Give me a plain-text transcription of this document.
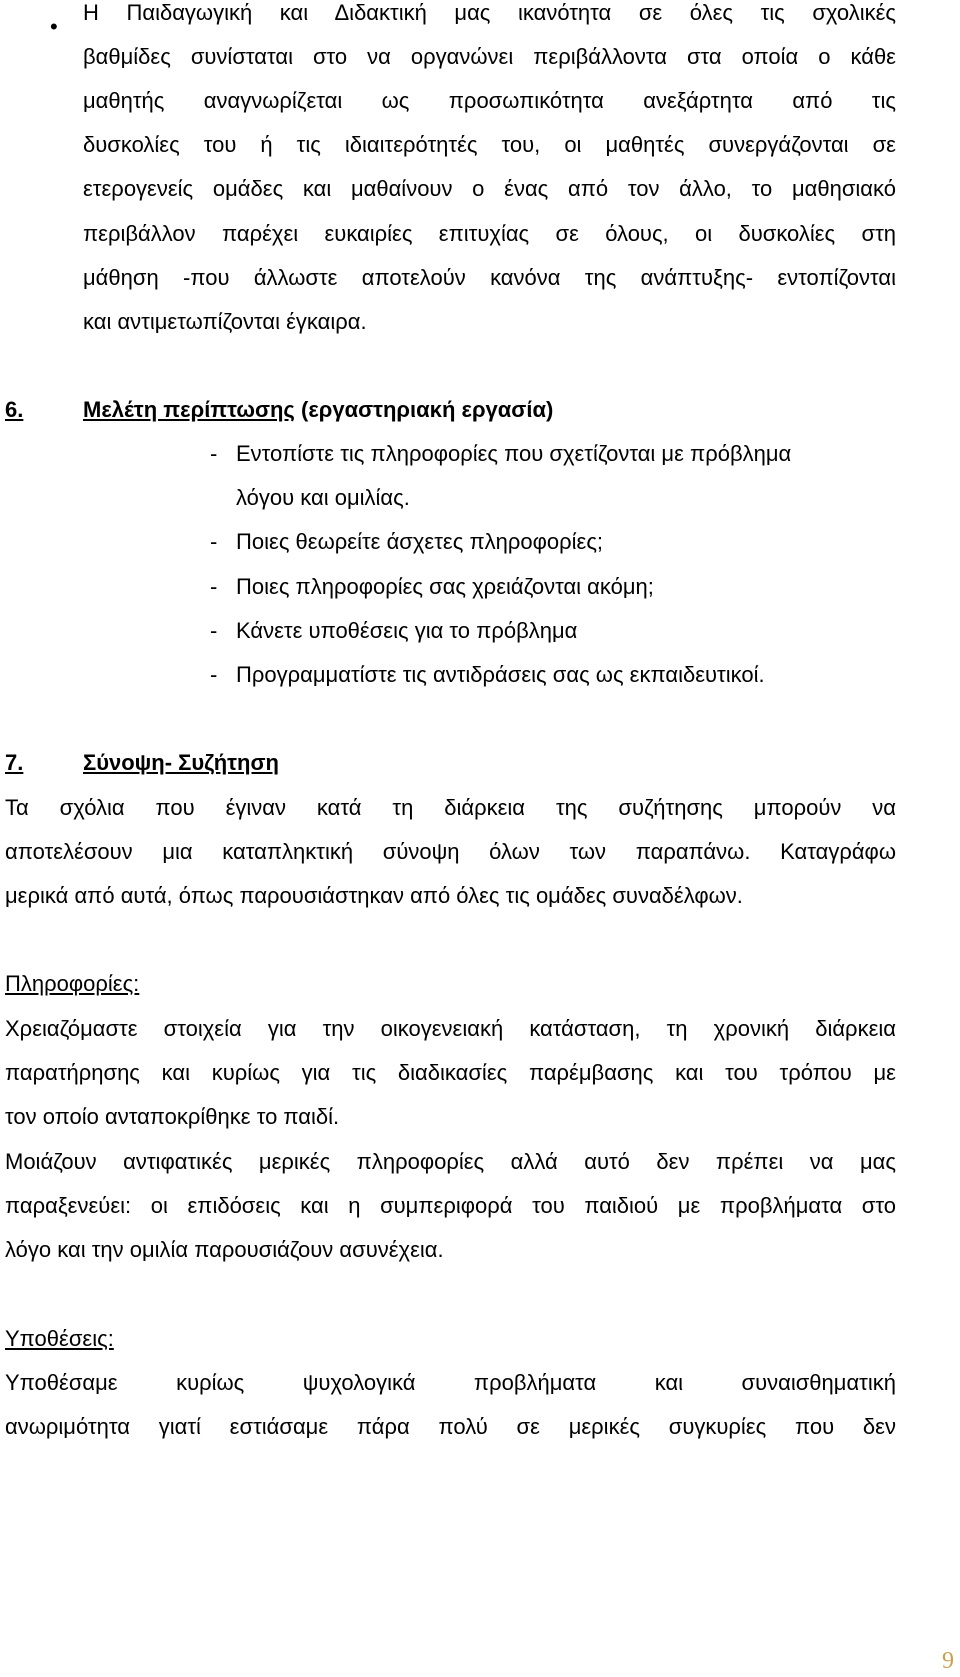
•
Η Παιδαγωγική και Διδακτική μας ικανότητα σε όλες τις σχολικές
βαθμίδες συνίσταται στο να οργανώνει περιβάλλοντα στα οποία ο κάθε
μαθητής αναγνωρίζεται ως προσωπικότητα ανεξάρτητα από τις
δυσκολίες του ή τις ιδιαιτερότητές του, οι μαθητές συνεργάζονται σε
ετερογενείς ομάδες και μαθαίνουν ο ένας από τον άλλο, το μαθησιακό
περιβάλλον παρέχει ευκαιρίες επιτυχίας σε όλους, οι δυσκολίες στη
μάθηση -που άλλωστε αποτελούν κανόνα της ανάπτυξης- εντοπίζονται
και αντιμετωπίζονται έγκαιρα.
6.	Μελέτη περίπτωσης (εργαστηριακή εργασία)
- Εντοπίστε τις πληροφορίες που σχετίζονται με πρόβλημα
λόγου και ομιλίας.
- Ποιες θεωρείτε άσχετες πληροφορίες;
- Ποιες πληροφορίες σας χρειάζονται ακόμη;
- Κάνετε υποθέσεις για το πρόβλημα
- Προγραμματίστε τις αντιδράσεις σας ως εκπαιδευτικοί.
7.	Σύνοψη- Συζήτηση
Τα σχόλια που έγιναν κατά τη διάρκεια της συζήτησης μπορούν να
αποτελέσουν μια καταπληκτική σύνοψη όλων των παραπάνω. Καταγράφω
μερικά από αυτά, όπως παρουσιάστηκαν από όλες τις ομάδες συναδέλφων.
Πληροφορίες:
Χρειαζόμαστε στοιχεία για την οικογενειακή κατάσταση, τη χρονική διάρκεια
παρατήρησης και κυρίως για τις διαδικασίες παρέμβασης και του τρόπου με
τον οποίο ανταποκρίθηκε το παιδί.
Μοιάζουν αντιφατικές μερικές πληροφορίες αλλά αυτό δεν πρέπει να μας
παραξενεύει: οι επιδόσεις και η συμπεριφορά του παιδιού με προβλήματα στο
λόγο και την ομιλία παρουσιάζουν ασυνέχεια.
Υποθέσεις:
Υποθέσαμε κυρίως ψυχολογικά προβλήματα και συναισθηματική
ανωριμότητα γιατί εστιάσαμε πάρα πολύ σε μερικές συγκυρίες που δεν
9
